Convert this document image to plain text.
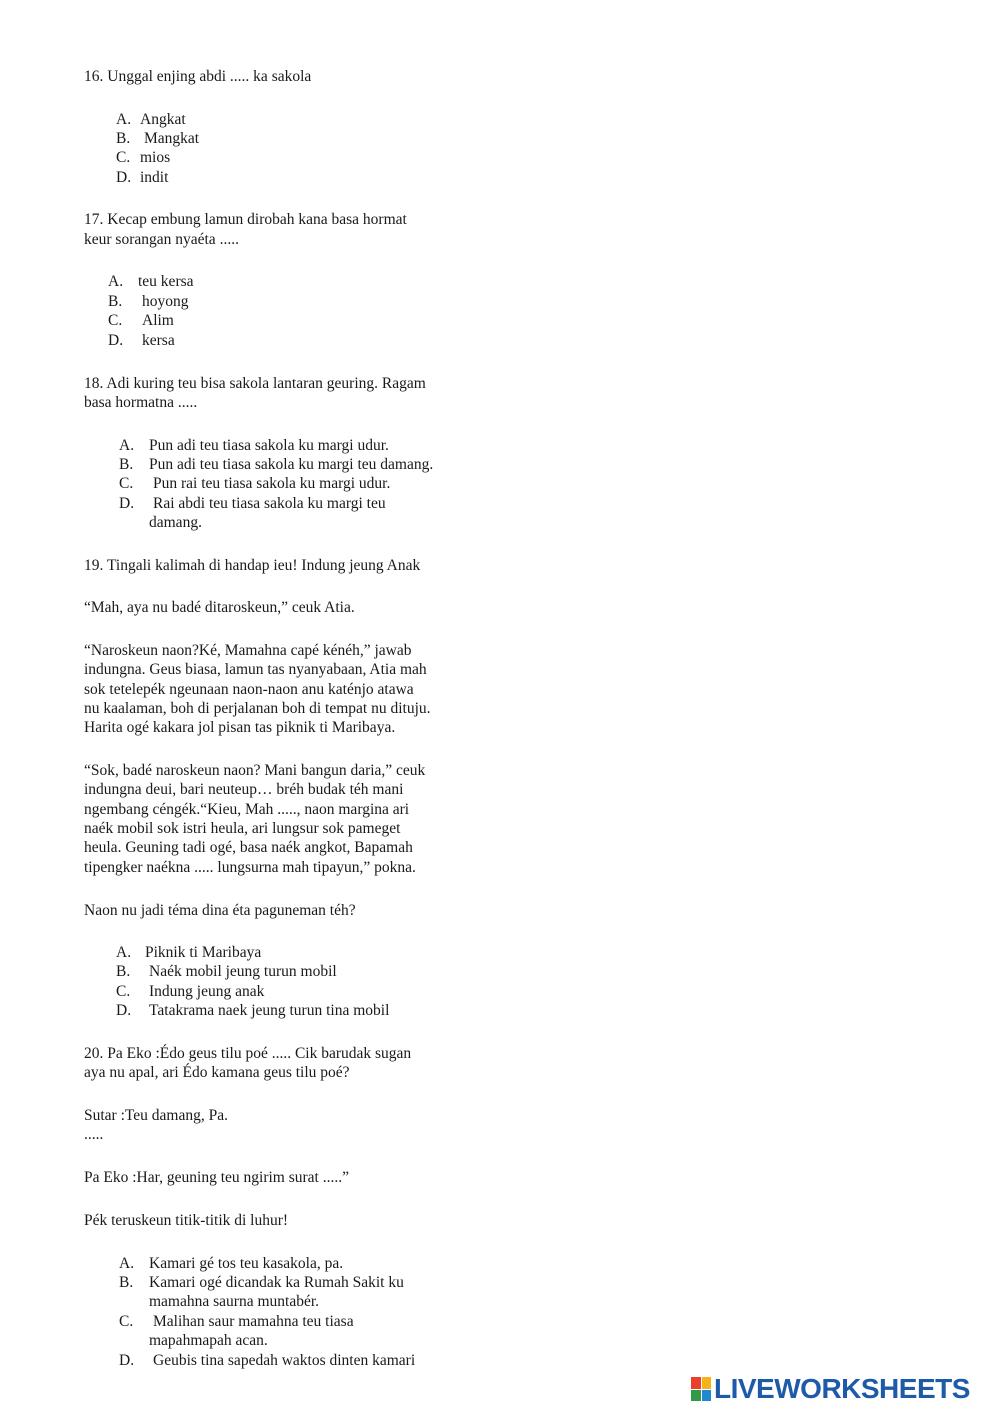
16. Unggal enjing abdi ..... ka sakola
A. Angkat
B. Mangkat
C. mios
D. indit
17. Kecap embung lamun dirobah kana basa hormat
keur sorangan nyaéta .....
A. teu kersa
B. hoyong
C. Alim
D. kersa
18. Adi kuring teu bisa sakola lantaran geuring. Ragam
basa hormatna .....
A. Pun adi teu tiasa sakola ku margi udur.
B. Pun adi teu tiasa sakola ku margi teu damang.
C. Pun rai teu tiasa sakola ku margi udur.
D. Rai abdi teu tiasa sakola ku margi teu
damang.
19. Tingali kalimah di handap ieu! Indung jeung Anak
“Mah, aya nu badé ditaroskeun,” ceuk Atia.
“Naroskeun naon?Ké, Mamahna capé kénéh,” jawab
indungna. Geus biasa, lamun tas nyanyabaan, Atia mah
sok tetelepék ngeunaan naon-naon anu katénjo atawa
nu kaalaman, boh di perjalanan boh di tempat nu dituju.
Harita ogé kakara jol pisan tas piknik ti Maribaya.
“Sok, badé naroskeun naon? Mani bangun daria,” ceuk
indungna deui, bari neuteup… bréh budak téh mani
ngembang céngék.“Kieu, Mah ....., naon margina ari
naék mobil sok istri heula, ari lungsur sok pameget
heula. Geuning tadi ogé, basa naék angkot, Bapamah
tipengker naékna ..... lungsurna mah tipayun,” pokna.
Naon nu jadi téma dina éta paguneman téh?
A. Piknik ti Maribaya
B. Naék mobil jeung turun mobil
C. Indung jeung anak
D. Tatakrama naek jeung turun tina mobil
20. Pa Eko :Édo geus tilu poé ..... Cik barudak sugan
aya nu apal, ari Édo kamana geus tilu poé?
Sutar :Teu damang, Pa.
.....
Pa Eko :Har, geuning teu ngirim surat .....”
Pék teruskeun titik-titik di luhur!
A. Kamari gé tos teu kasakola, pa.
B. Kamari ogé dicandak ka Rumah Sakit ku
mamahna saurna muntabér.
C. Malihan saur mamahna teu tiasa
mapahmapah acan.
D. Geubis tina sapedah waktos dinten kamari
LIVEWORKSHEETS
